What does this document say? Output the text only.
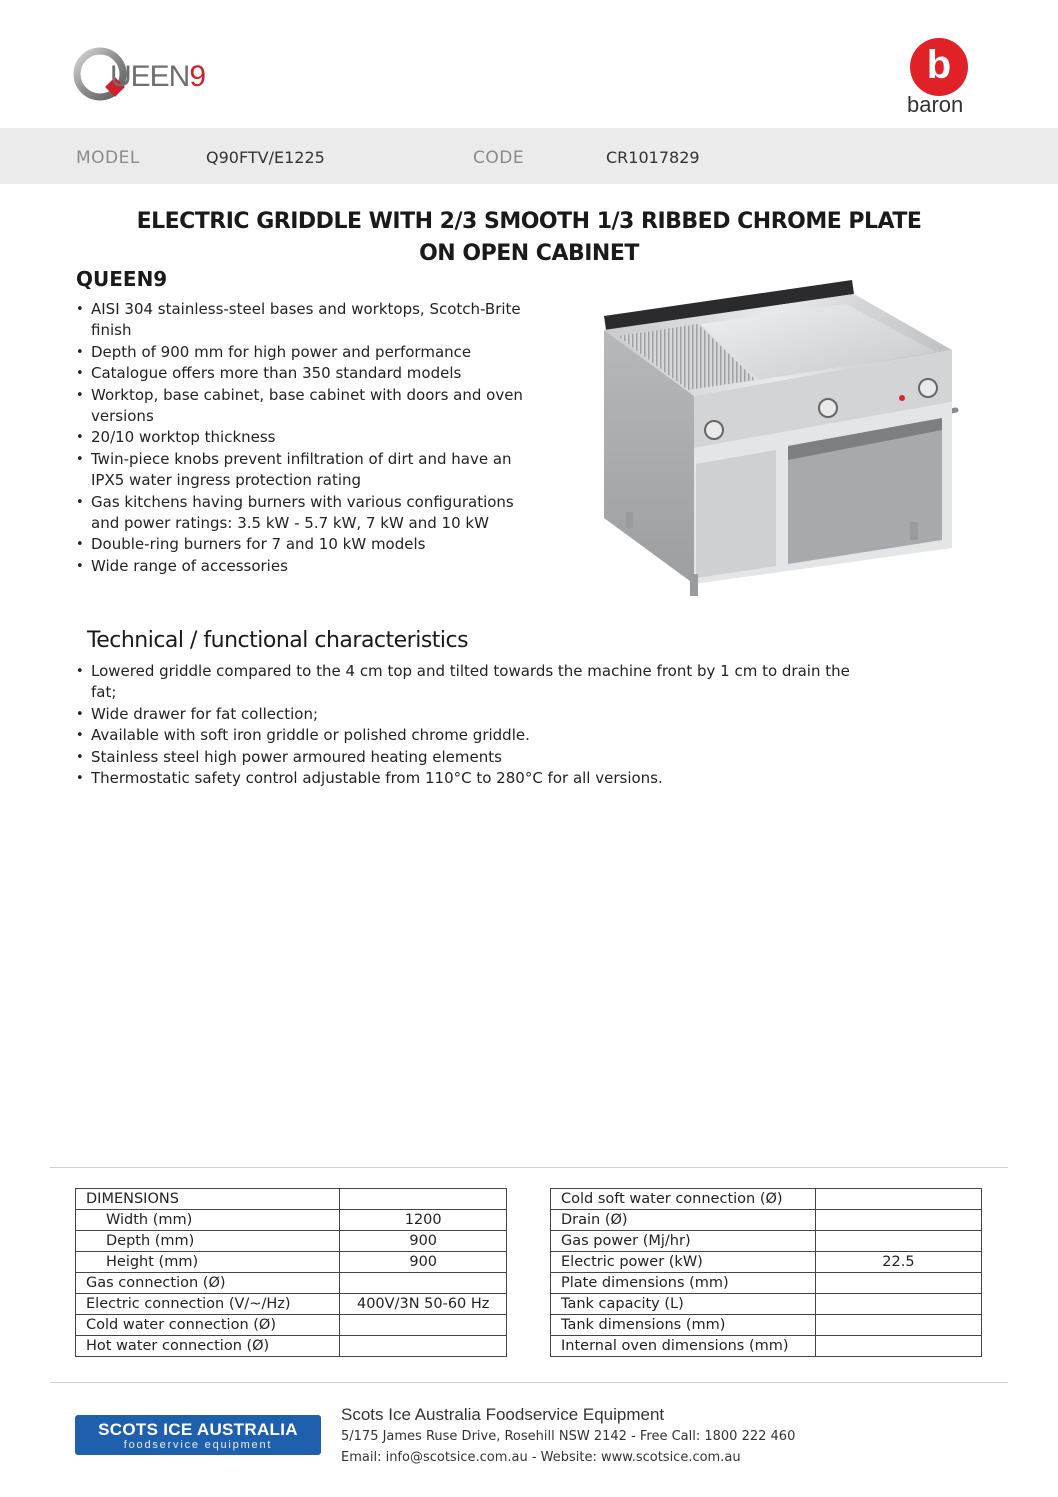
UEEN9	b
baron
MODEL	Q90FTV/E1225	CODE	CR1017829
ELECTRIC GRIDDLE WITH 2/3 SMOOTH 1/3 RIBBED CHROME PLATE
ON OPEN CABINET
QUEEN9
• AISI 304 stainless-steel bases and worktops, Scotch-Brite finish
• Depth of 900 mm for high power and performance
• Catalogue offers more than 350 standard models
• Worktop, base cabinet, base cabinet with doors and oven versions
• 20/10 worktop thickness
• Twin-piece knobs prevent infiltration of dirt and have an IPX5 water ingress protection rating
• Gas kitchens having burners with various configurations and power ratings: 3.5 kW - 5.7 kW, 7 kW and 10 kW
• Double-ring burners for 7 and 10 kW models
• Wide range of accessories
Technical / functional characteristics
• Lowered griddle compared to the 4 cm top and tilted towards the machine front by 1 cm to drain the fat;
• Wide drawer for fat collection;
• Available with soft iron griddle or polished chrome griddle.
• Stainless steel high power armoured heating elements
• Thermostatic safety control adjustable from 110°C to 280°C for all versions.
DIMENSIONS	
Width (mm)	1200
Depth (mm)	900
Height (mm)	900
Gas connection (Ø)	
Electric connection (V/~/Hz)	400V/3N 50-60 Hz
Cold water connection (Ø)	
Hot water connection (Ø)	
Cold soft water connection (Ø)	
Drain (Ø)	
Gas power (Mj/hr)	
Electric power (kW)	22.5
Plate dimensions (mm)	
Tank capacity (L)	
Tank dimensions (mm)	
Internal oven dimensions (mm)	
SCOTS ICE AUSTRALIA
foodservice equipment
Scots Ice Australia Foodservice Equipment
5/175 James Ruse Drive, Rosehill NSW 2142 - Free Call: 1800 222 460
Email: info@scotsice.com.au - Website: www.scotsice.com.au
